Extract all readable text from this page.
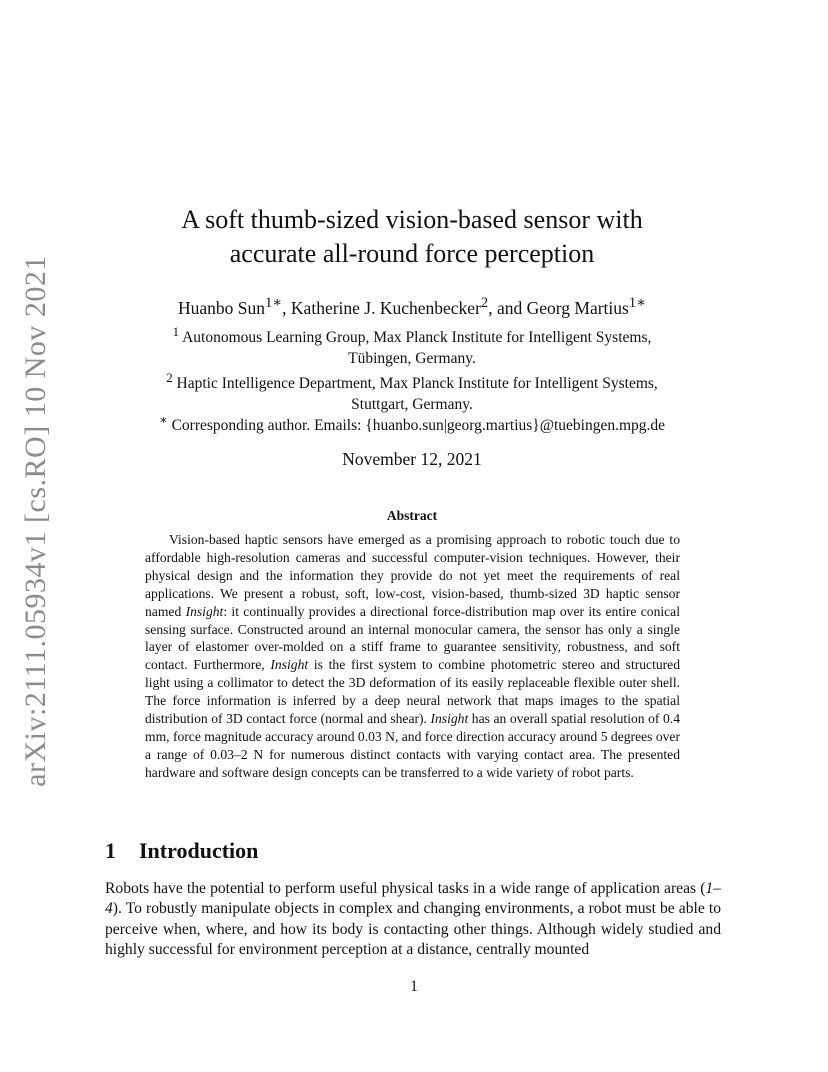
arXiv:2111.05934v1 [cs.RO] 10 Nov 2021
A soft thumb-sized vision-based sensor with
accurate all-round force perception
Huanbo Sun$^{1∗}$, Katherine J. Kuchenbecker$^2$, and Georg Martius$^{1∗}$
$^1$ Autonomous Learning Group, Max Planck Institute for Intelligent Systems,
Tübingen, Germany.
$^2$ Haptic Intelligence Department, Max Planck Institute for Intelligent Systems,
Stuttgart, Germany.
∗ Corresponding author. Emails: {huanbo.sun|georg.martius}@tuebingen.mpg.de
November 12, 2021
Abstract

Vision-based haptic sensors have emerged as a promising approach to robotic touch due to affordable high-resolution cameras and successful computer-vision techniques. However, their physical design and the information they provide do not yet meet the requirements of real applications. We present a robust, soft, low-cost, vision-based, thumb-sized 3D haptic sensor named Insight: it continually provides a directional force-distribution map over its entire conical sensing surface. Constructed around an internal monocular camera, the sensor has only a single layer of elastomer over-molded on a stiff frame to guarantee sensitivity, robustness, and soft contact. Furthermore, Insight is the first system to combine photometric stereo and structured light using a collimator to detect the 3D deformation of its easily replaceable flexible outer shell. The force information is inferred by a deep neural network that maps images to the spatial distribution of 3D contact force (normal and shear). Insight has an overall spatial resolution of 0.4 mm, force magnitude accuracy around 0.03 N, and force direction accuracy around 5 degrees over a range of 0.03–2 N for numerous distinct contacts with varying contact area. The presented hardware and software design concepts can be transferred to a wide variety of robot parts.

1 Introduction

Robots have the potential to perform useful physical tasks in a wide range of application areas (1–4). To robustly manipulate objects in complex and changing environments, a robot must be able to perceive when, where, and how its body is contacting other things. Although widely studied and highly successful for environment perception at a distance, centrally mounted

1
